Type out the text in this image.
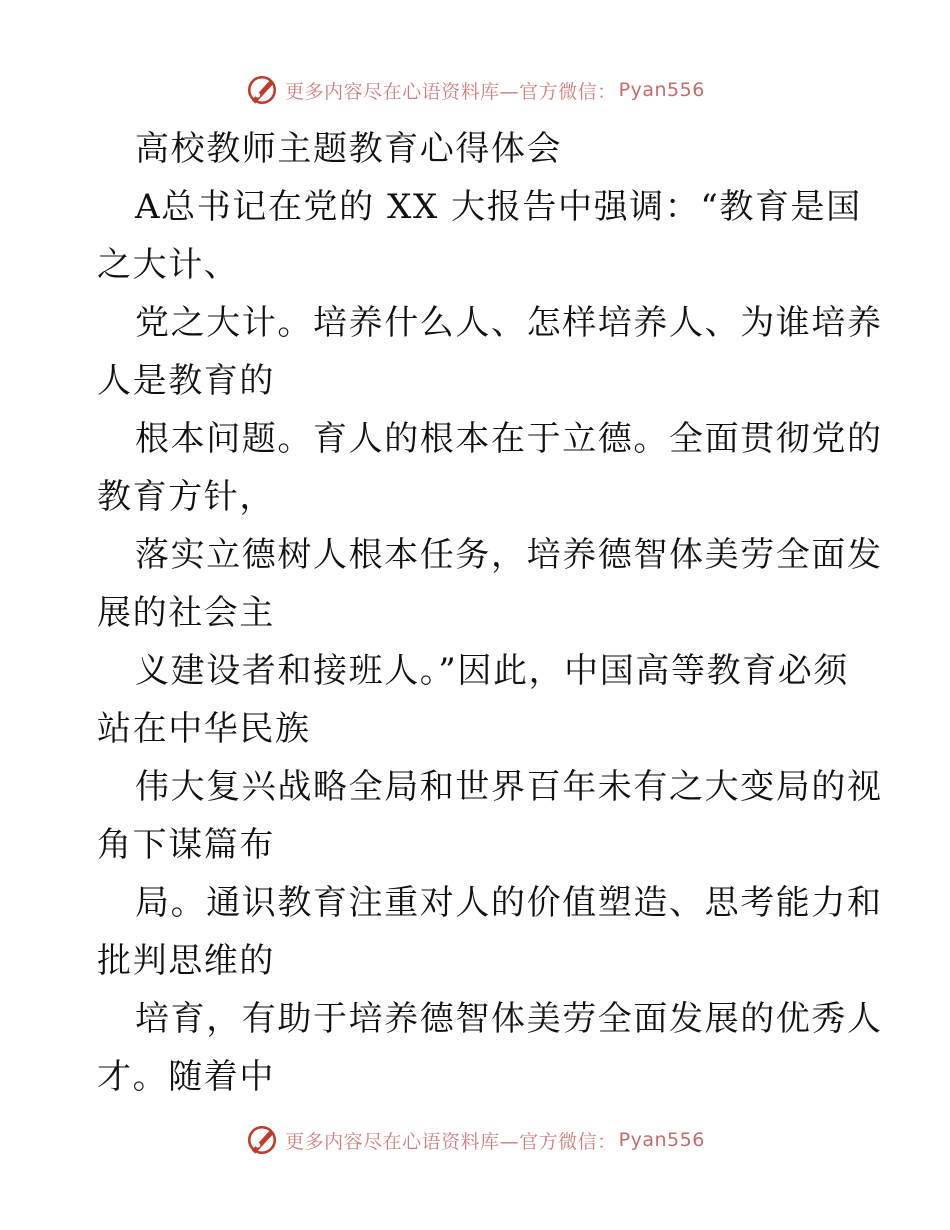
更多内容尽在心语资料库—官方微信： Pyan556
高校教师主题教育心得体会
A总书记在党的 XX 大报告中强调：“教育是国
之大计、
党之大计。培养什么人、怎样培养人、为谁培养
人是教育的
根本问题。育人的根本在于立德。全面贯彻党的
教育方针，
落实立德树人根本任务，培养德智体美劳全面发
展的社会主
义建设者和接班人。”因此，中国高等教育必须
站在中华民族
伟大复兴战略全局和世界百年未有之大变局的视
角下谋篇布
局。通识教育注重对人的价值塑造、思考能力和
批判思维的
培育，有助于培养德智体美劳全面发展的优秀人
才。随着中
更多内容尽在心语资料库—官方微信： Pyan556
